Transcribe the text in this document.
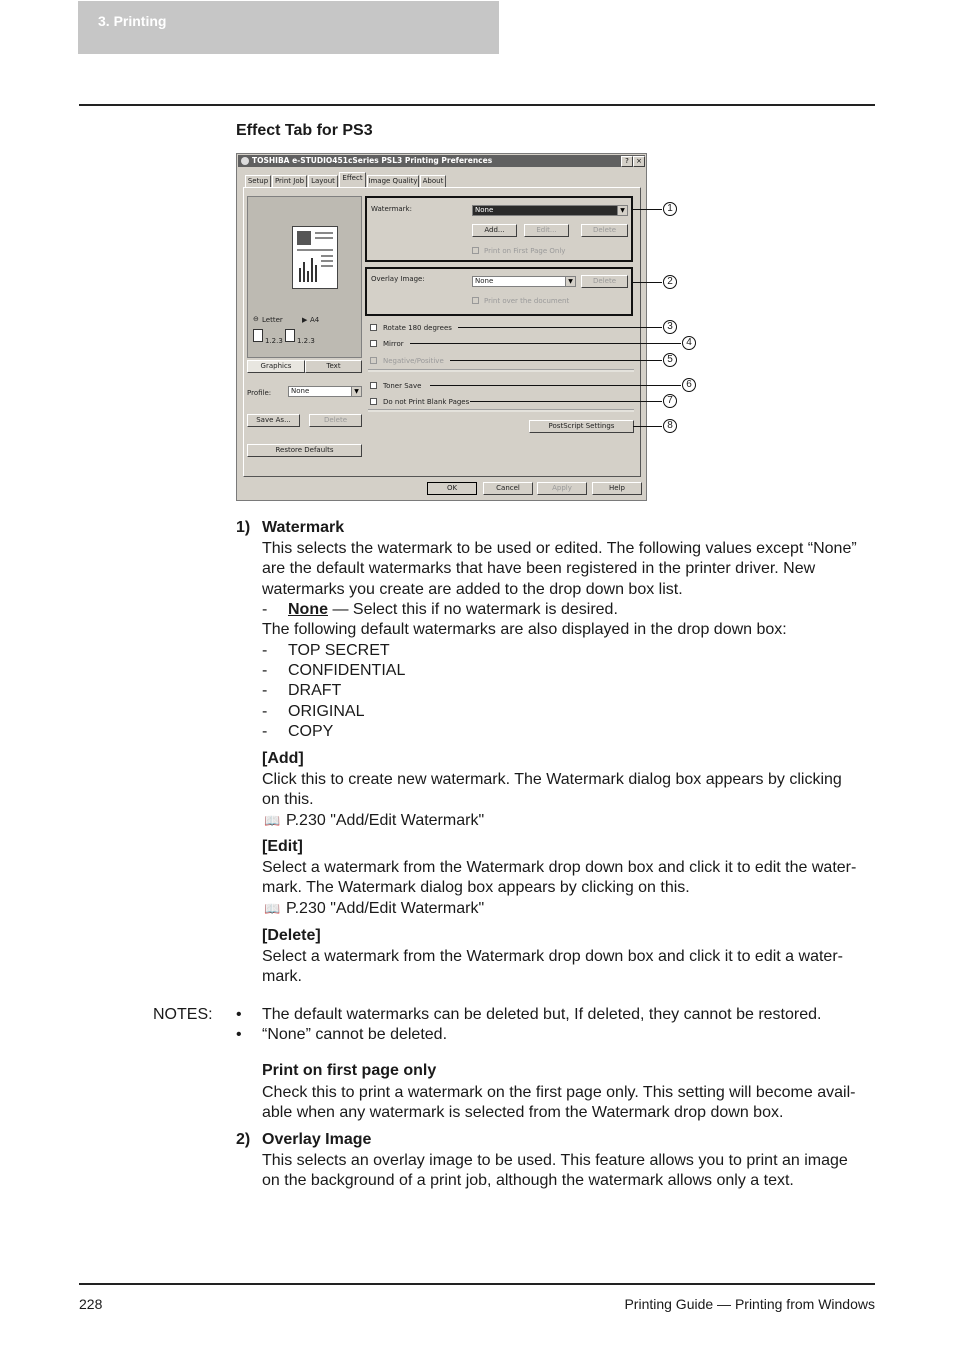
3. Printing
Effect Tab for PS3
TOSHIBA e-STUDIO451cSeries PSL3 Printing Preferences	?	×
Setup Print Job	Layout	Effect Image Quality About
⊖ Letter	▶ A4
1.2.3 1.2.3
Graphics	Text
Profile:	None	▼
Save As...	Delete
Restore Defaults
Watermark:	None	▼
Add...	Edit...	Delete
Print on First Page Only
Overlay Image:	None	▼	Delete
Print over the document
Rotate 180 degrees
Mirror
Negative/Positive
Toner Save
Do not Print Blank Pages
PostScript Settings
OK	Cancel	Apply	Help
1
2
3
4
5
6
7
8
1) Watermark
This selects the watermark to be used or edited. The following values except “None”
are the default watermarks that have been registered in the printer driver. New
watermarks you create are added to the drop down box list.
- None — Select this if no watermark is desired.
The following default watermarks are also displayed in the drop down box:
- TOP SECRET
- CONFIDENTIAL
- DRAFT
- ORIGINAL
- COPY
[Add]
Click this to create new watermark. The Watermark dialog box appears by clicking
on this.
📖 P.230 "Add/Edit Watermark"
[Edit]
Select a watermark from the Watermark drop down box and click it to edit the water-
mark. The Watermark dialog box appears by clicking on this.
📖 P.230 "Add/Edit Watermark"
[Delete]
Select a watermark from the Watermark drop down box and click it to edit a water-
mark.
NOTES: • The default watermarks can be deleted but, If deleted, they cannot be restored.
• “None” cannot be deleted.
Print on first page only
Check this to print a watermark on the first page only. This setting will become avail-
able when any watermark is selected from the Watermark drop down box.
2) Overlay Image
This selects an overlay image to be used. This feature allows you to print an image
on the background of a print job, although the watermark allows only a text.
228	Printing Guide — Printing from Windows
